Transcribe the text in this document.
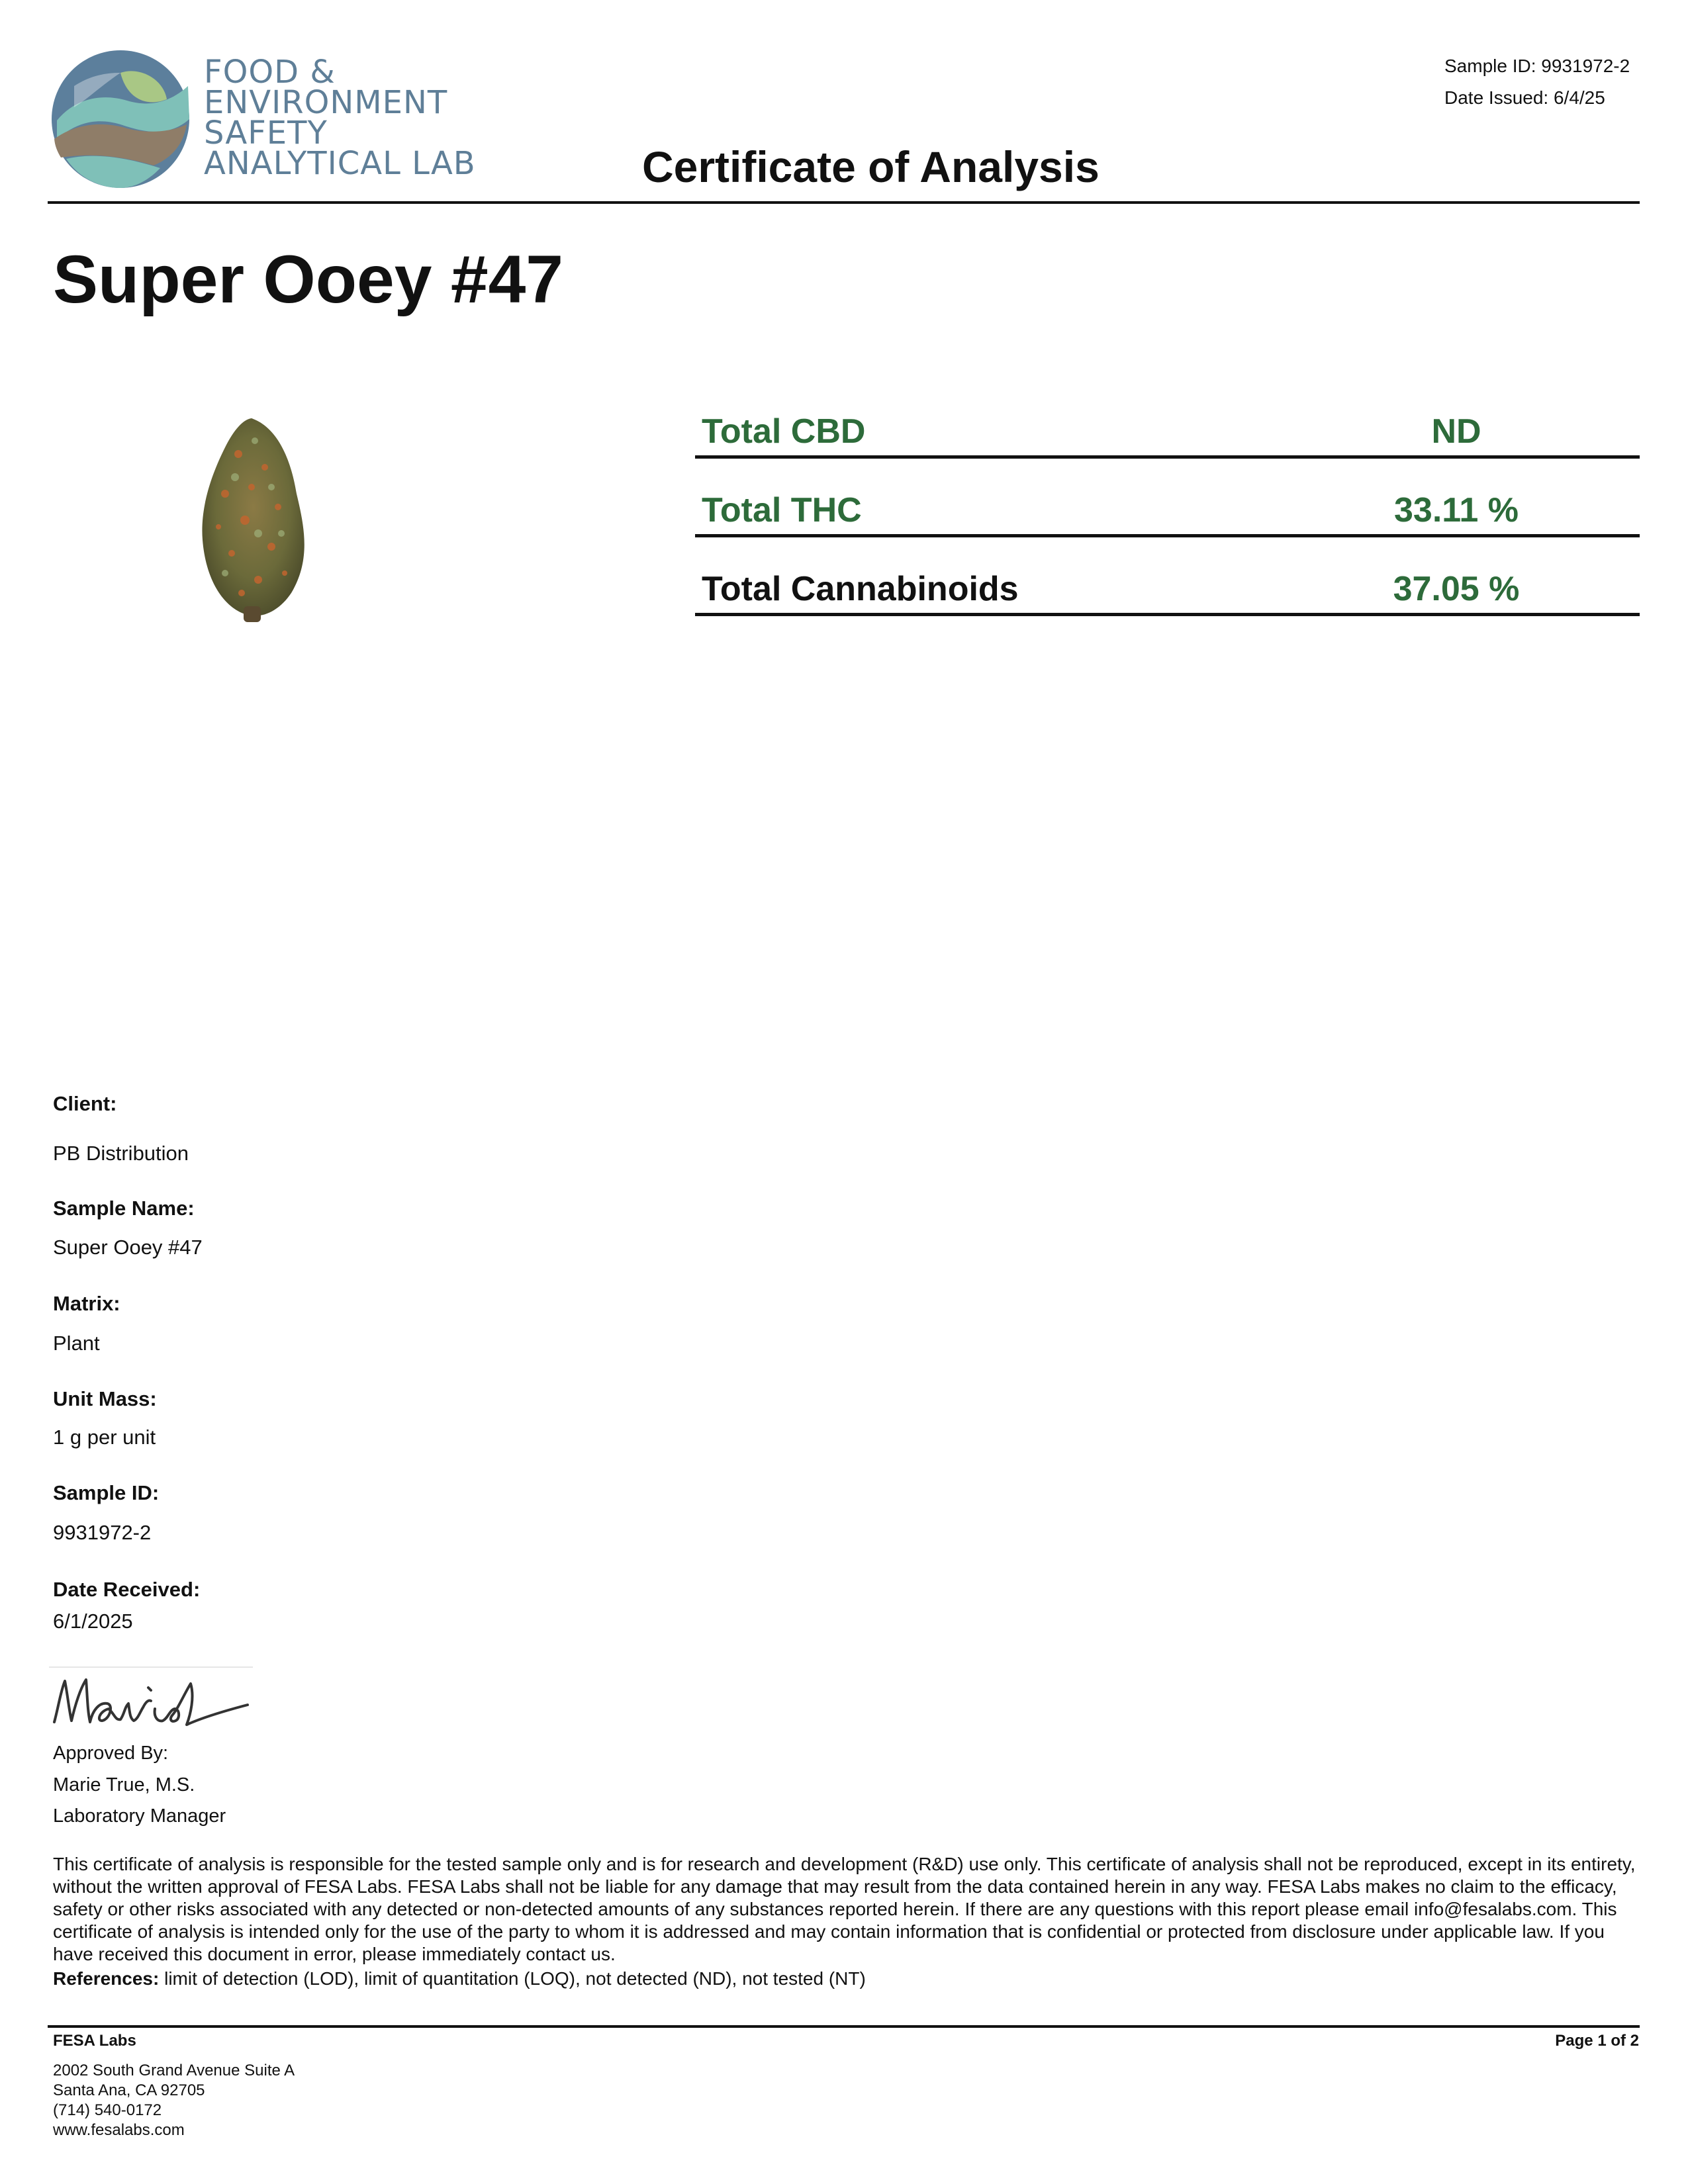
FOOD &
ENVIRONMENT
SAFETY
ANALYTICAL LAB
Sample ID: 9931972-2
Date Issued: 6/4/25
Certificate of Analysis
Super Ooey #47
Total CBD	ND
Total THC	33.11 %
Total Cannabinoids	37.05 %
Client:
PB Distribution
Sample Name:
Super Ooey #47
Matrix:
Plant
Unit Mass:
1 g per unit
Sample ID:
9931972-2
Date Received:
6/1/2025
Approved By:
Marie True, M.S.
Laboratory Manager
This certificate of analysis is responsible for the tested sample only and is for research and development (R&D) use only. This certificate of analysis shall not be reproduced, except in its entirety, without the written approval of FESA Labs. FESA Labs shall not be liable for any damage that may result from the data contained herein in any way. FESA Labs makes no claim to the efficacy, safety or other risks associated with any detected or non-detected amounts of any substances reported herein. If there are any questions with this report please email info@fesalabs.com. This certificate of analysis is intended only for the use of the party to whom it is addressed and may contain information that is confidential or protected from disclosure under applicable law. If you have received this document in error, please immediately contact us.
References: limit of detection (LOD), limit of quantitation (LOQ), not detected (ND), not tested (NT)
FESA Labs	Page 1 of 2
2002 South Grand Avenue Suite A
Santa Ana, CA 92705
(714) 540-0172
www.fesalabs.com
